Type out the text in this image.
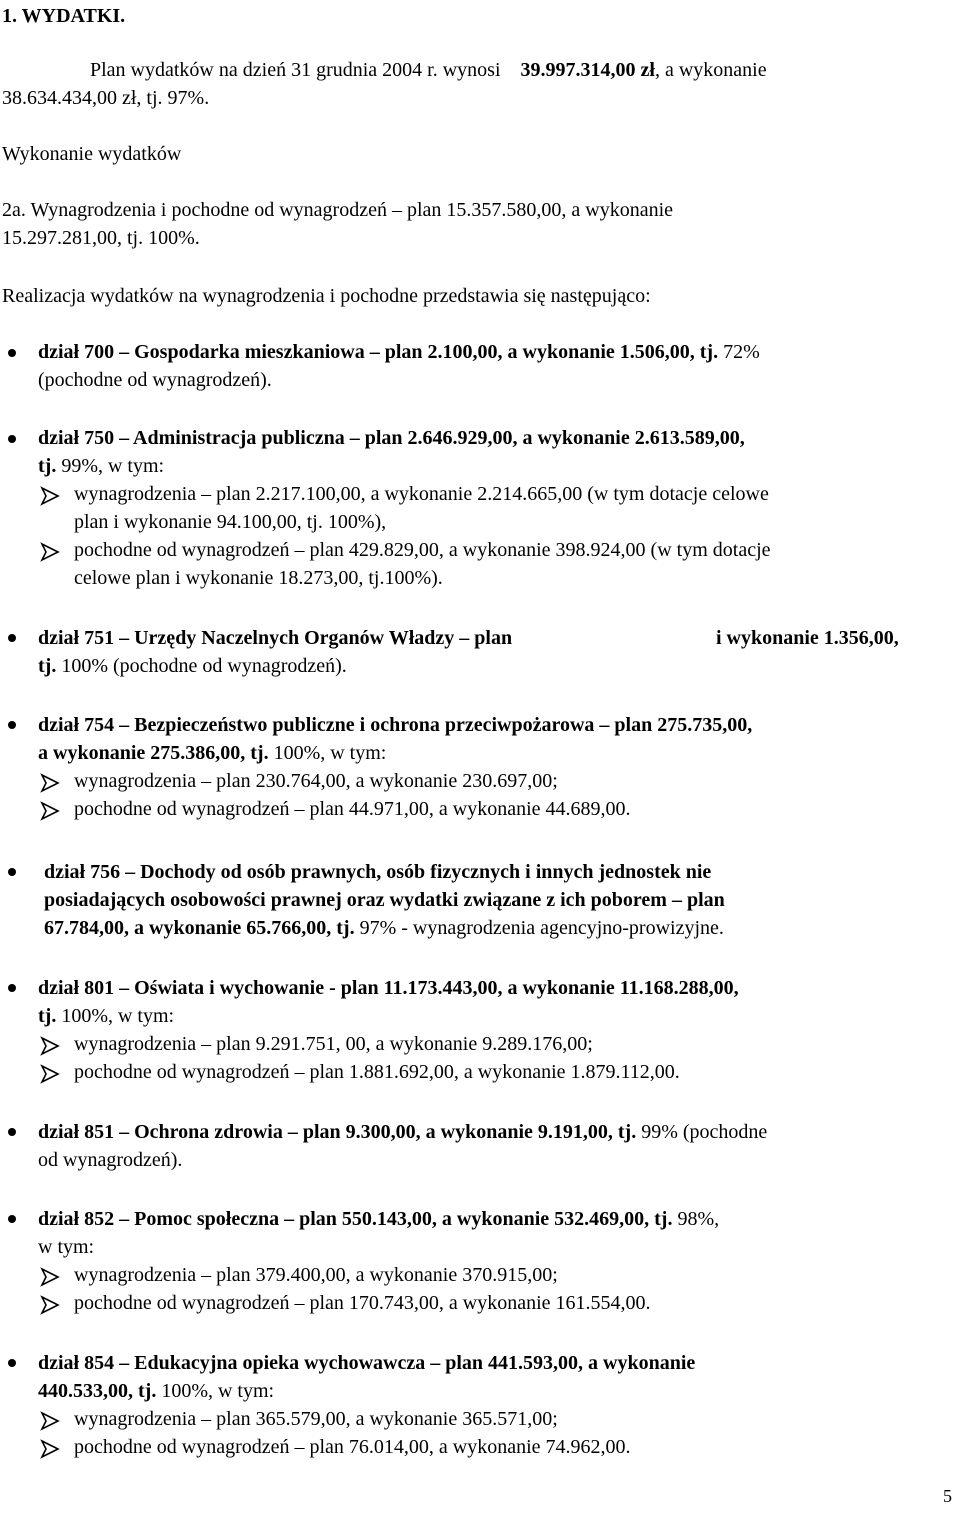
1. WYDATKI.
Plan wydatków na dzień 31 grudnia 2004 r. wynosi 39.997.314,00 zł, a wykonanie
38.634.434,00 zł, tj. 97%.
Wykonanie wydatków
2a. Wynagrodzenia i pochodne od wynagrodzeń – plan 15.357.580,00, a wykonanie
15.297.281,00, tj. 100%.
Realizacja wydatków na wynagrodzenia i pochodne przedstawia się następująco:
dział 700 – Gospodarka mieszkaniowa – plan 2.100,00, a wykonanie 1.506,00, tj. 72%
(pochodne od wynagrodzeń).
dział 750 – Administracja publiczna – plan 2.646.929,00, a wykonanie 2.613.589,00,
tj. 99%, w tym:
wynagrodzenia – plan 2.217.100,00, a wykonanie 2.214.665,00 (w tym dotacje celowe
plan i wykonanie 94.100,00, tj. 100%),
pochodne od wynagrodzeń – plan 429.829,00, a wykonanie 398.924,00 (w tym dotacje
celowe plan i wykonanie 18.273,00, tj.100%).
dział 751 – Urzędy Naczelnych Organów Władzy – plan	i wykonanie 1.356,00,
tj. 100% (pochodne od wynagrodzeń).
dział 754 – Bezpieczeństwo publiczne i ochrona przeciwpożarowa – plan 275.735,00,
a wykonanie 275.386,00, tj. 100%, w tym:
wynagrodzenia – plan 230.764,00, a wykonanie 230.697,00;
pochodne od wynagrodzeń – plan 44.971,00, a wykonanie 44.689,00.
dział 756 – Dochody od osób prawnych, osób fizycznych i innych jednostek nie
posiadających osobowości prawnej oraz wydatki związane z ich poborem – plan
67.784,00, a wykonanie 65.766,00, tj. 97% - wynagrodzenia agencyjno-prowizyjne.
dział 801 – Oświata i wychowanie - plan 11.173.443,00, a wykonanie 11.168.288,00,
tj. 100%, w tym:
wynagrodzenia – plan 9.291.751, 00, a wykonanie 9.289.176,00;
pochodne od wynagrodzeń – plan 1.881.692,00, a wykonanie 1.879.112,00.
dział 851 – Ochrona zdrowia – plan 9.300,00, a wykonanie 9.191,00, tj. 99% (pochodne
od wynagrodzeń).
dział 852 – Pomoc społeczna – plan 550.143,00, a wykonanie 532.469,00, tj. 98%,
w tym:
wynagrodzenia – plan 379.400,00, a wykonanie 370.915,00;
pochodne od wynagrodzeń – plan 170.743,00, a wykonanie 161.554,00.
dział 854 – Edukacyjna opieka wychowawcza – plan 441.593,00, a wykonanie
440.533,00, tj. 100%, w tym:
wynagrodzenia – plan 365.579,00, a wykonanie 365.571,00;
pochodne od wynagrodzeń – plan 76.014,00, a wykonanie 74.962,00.
5
